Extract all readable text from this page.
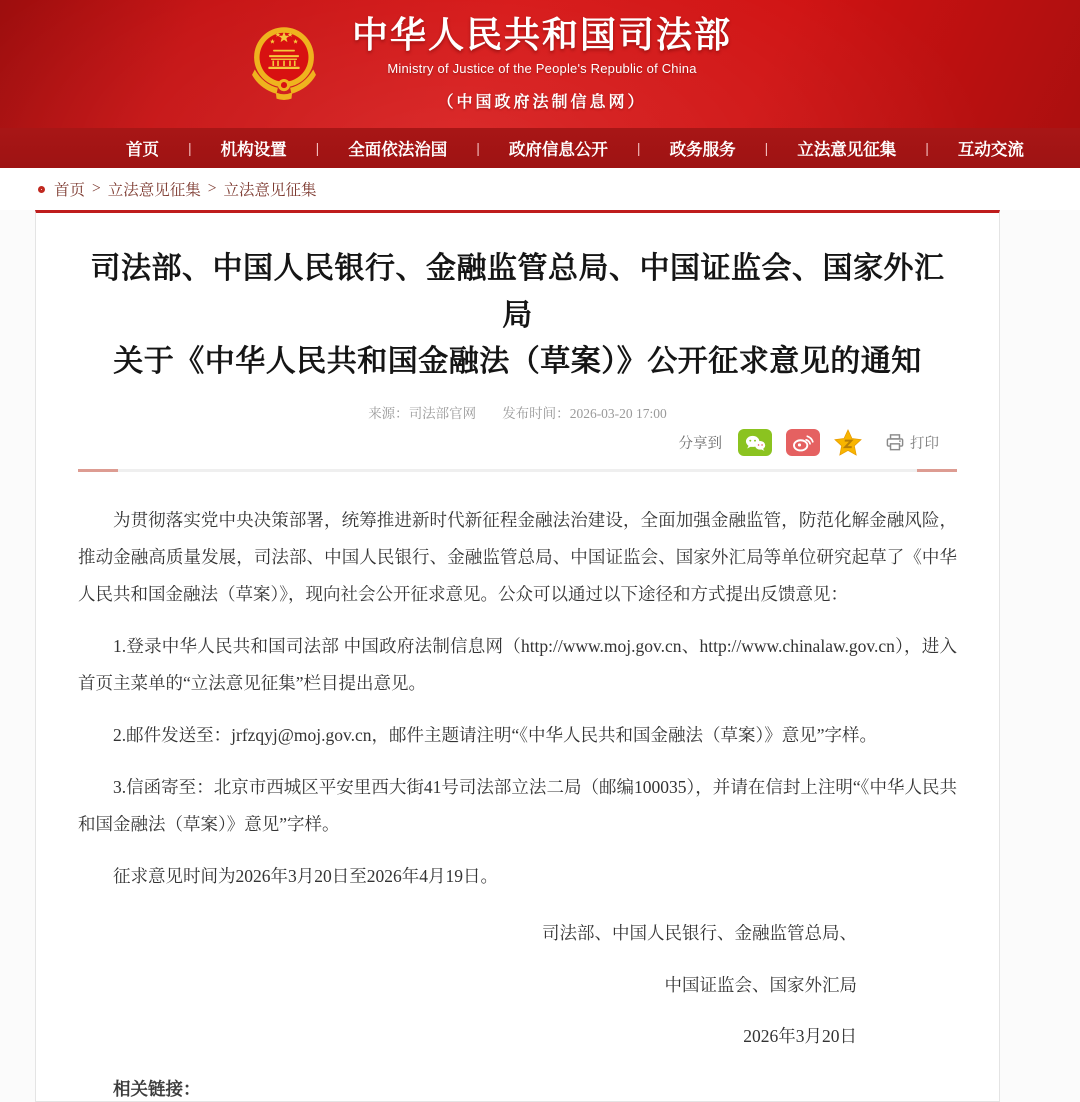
中华人民共和国司法部
Ministry of Justice of the People's Republic of China
（中国政府法制信息网）
首页	|	机构设置	|	全面依法治国	|	政府信息公开	|	政务服务	|	立法意见征集	|	互动交流
首页 > 立法意见征集 > 立法意见征集
司法部、中国人民银行、金融监管总局、中国证监会、国家外汇局
关于《中华人民共和国金融法（草案）》公开征求意见的通知
来源：司法部官网 发布时间：2026-03-20 17:00
分享到	打印

为贯彻落实党中央决策部署，统筹推进新时代新征程金融法治建设，全面加强金融监管，防范化解金融风险，推动金融高质量发展，司法部、中国人民银行、金融监管总局、中国证监会、国家外汇局等单位研究起草了《中华人民共和国金融法（草案）》，现向社会公开征求意见。公众可以通过以下途径和方式提出反馈意见：

1.登录中华人民共和国司法部 中国政府法制信息网（http://www.moj.gov.cn、http://www.chinalaw.gov.cn），进入首页主菜单的“立法意见征集”栏目提出意见。

2.邮件发送至：jrfzqyj@moj.gov.cn，邮件主题请注明“《中华人民共和国金融法（草案）》意见”字样。

3.信函寄至：北京市西城区平安里西大街41号司法部立法二局（邮编100035），并请在信封上注明“《中华人民共和国金融法（草案）》意见”字样。

征求意见时间为2026年3月20日至2026年4月19日。

司法部、中国人民银行、金融监管总局、

中国证监会、国家外汇局

2026年3月20日

相关链接：
